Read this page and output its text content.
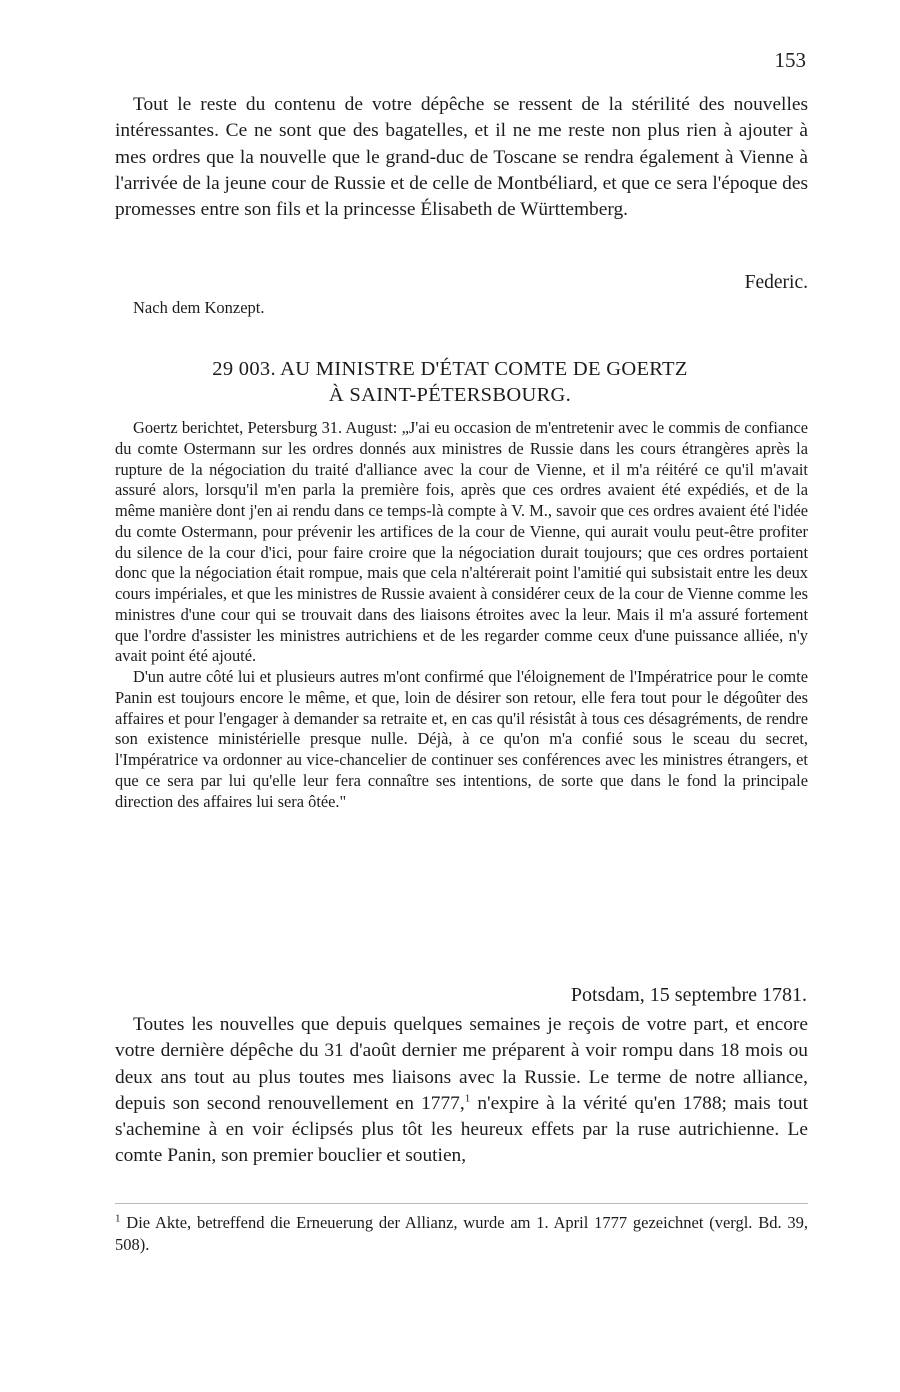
153

Tout le reste du contenu de votre dépêche se ressent de la stérilité des nouvelles intéressantes. Ce ne sont que des bagatelles, et il ne me reste non plus rien à ajouter à mes ordres que la nouvelle que le grand-duc de Toscane se rendra également à Vienne à l'arrivée de la jeune cour de Russie et de celle de Montbéliard, et que ce sera l'époque des promesses entre son fils et la princesse Élisabeth de Württemberg.

Federic.
Nach dem Konzept.
29 003. AU MINISTRE D'ÉTAT COMTE DE GOERTZ
À SAINT-PÉTERSBOURG.

Goertz berichtet, Petersburg 31. August: „J'ai eu occasion de m'entretenir avec le commis de confiance du comte Ostermann sur les ordres donnés aux ministres de Russie dans les cours étrangères après la rupture de la négociation du traité d'alliance avec la cour de Vienne, et il m'a réitéré ce qu'il m'avait assuré alors, lorsqu'il m'en parla la première fois, après que ces ordres avaient été expédiés, et de la même manière dont j'en ai rendu dans ce temps-là compte à V. M., savoir que ces ordres avaient été l'idée du comte Ostermann, pour prévenir les artifices de la cour de Vienne, qui aurait voulu peut-être profiter du silence de la cour d'ici, pour faire croire que la négociation durait toujours; que ces ordres portaient donc que la négociation était rompue, mais que cela n'altérerait point l'amitié qui subsistait entre les deux cours impériales, et que les ministres de Russie avaient à considérer ceux de la cour de Vienne comme les ministres d'une cour qui se trouvait dans des liaisons étroites avec la leur. Mais il m'a assuré fortement que l'ordre d'assister les ministres autrichiens et de les regarder comme ceux d'une puissance alliée, n'y avait point été ajouté.

D'un autre côté lui et plusieurs autres m'ont confirmé que l'éloignement de l'Impératrice pour le comte Panin est toujours encore le même, et que, loin de désirer son retour, elle fera tout pour le dégoûter des affaires et pour l'engager à demander sa retraite et, en cas qu'il résistât à tous ces désagréments, de rendre son existence ministérielle presque nulle. Déjà, à ce qu'on m'a confié sous le sceau du secret, l'Impératrice va ordonner au vice-chancelier de continuer ses conférences avec les ministres étrangers, et que ce sera par lui qu'elle leur fera connaître ses intentions, de sorte que dans le fond la principale direction des affaires lui sera ôtée."

Potsdam, 15 septembre 1781.

Toutes les nouvelles que depuis quelques semaines je reçois de votre part, et encore votre dernière dépêche du 31 d'août dernier me préparent à voir rompu dans 18 mois ou deux ans tout au plus toutes mes liaisons avec la Russie. Le terme de notre alliance, depuis son second renouvellement en 1777,$^1$ n'expire à la vérité qu'en 1788; mais tout s'achemine à en voir éclipsés plus tôt les heureux effets par la ruse autrichienne. Le comte Panin, son premier bouclier et soutien,

$^1$ Die Akte, betreffend die Erneuerung der Allianz, wurde am 1. April 1777 gezeichnet (vergl. Bd. 39, 508).
